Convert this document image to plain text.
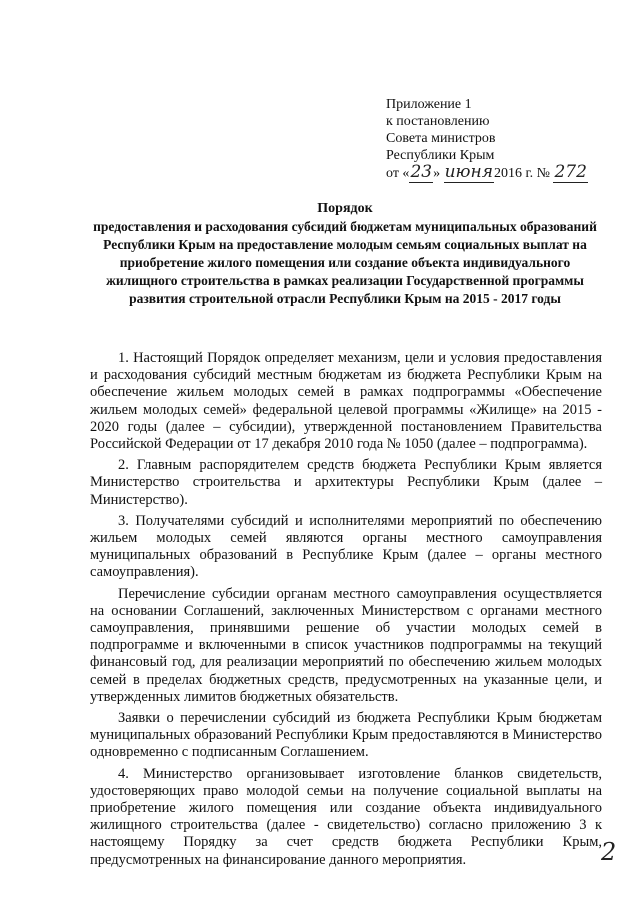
Приложение 1
к постановлению
Совета министров
Республики Крым
от «23» июня2016 г. № 272
Порядок
предоставления и расходования субсидий бюджетам муниципальных образований Республики Крым на предоставление молодым семьям социальных выплат на приобретение жилого помещения или создание объекта индивидуального жилищного строительства в рамках реализации Государственной программы развития строительной отрасли Республики Крым на 2015 - 2017 годы

1. Настоящий Порядок определяет механизм, цели и условия предоставления и расходования субсидий местным бюджетам из бюджета Республики Крым на обеспечение жильем молодых семей в рамках подпрограммы «Обеспечение жильем молодых семей» федеральной целевой программы «Жилище» на 2015 - 2020 годы (далее – субсидии), утвержденной постановлением Правительства Российской Федерации от 17 декабря 2010 года № 1050 (далее – подпрограмма).

2. Главным распорядителем средств бюджета Республики Крым является Министерство строительства и архитектуры Республики Крым (далее – Министерство).

3. Получателями субсидий и исполнителями мероприятий по обеспечению жильем молодых семей являются органы местного самоуправления муниципальных образований в Республике Крым (далее – органы местного самоуправления).

Перечисление субсидии органам местного самоуправления осуществляется на основании Соглашений, заключенных Министерством с органами местного самоуправления, принявшими решение об участии молодых семей в подпрограмме и включенными в список участников подпрограммы на текущий финансовый год, для реализации мероприятий по обеспечению жильем молодых семей в пределах бюджетных средств, предусмотренных на указанные цели, и утвержденных лимитов бюджетных обязательств.

Заявки о перечислении субсидий из бюджета Республики Крым бюджетам муниципальных образований Республики Крым предоставляются в Министерство одновременно с подписанным Соглашением.

4. Министерство организовывает изготовление бланков свидетельств, удостоверяющих право молодой семьи на получение социальной выплаты на приобретение жилого помещения или создание объекта индивидуального жилищного строительства (далее - свидетельство) согласно приложению 3 к настоящему Порядку за счет средств бюджета Республики Крым, предусмотренных на финансирование данного мероприятия.	2
